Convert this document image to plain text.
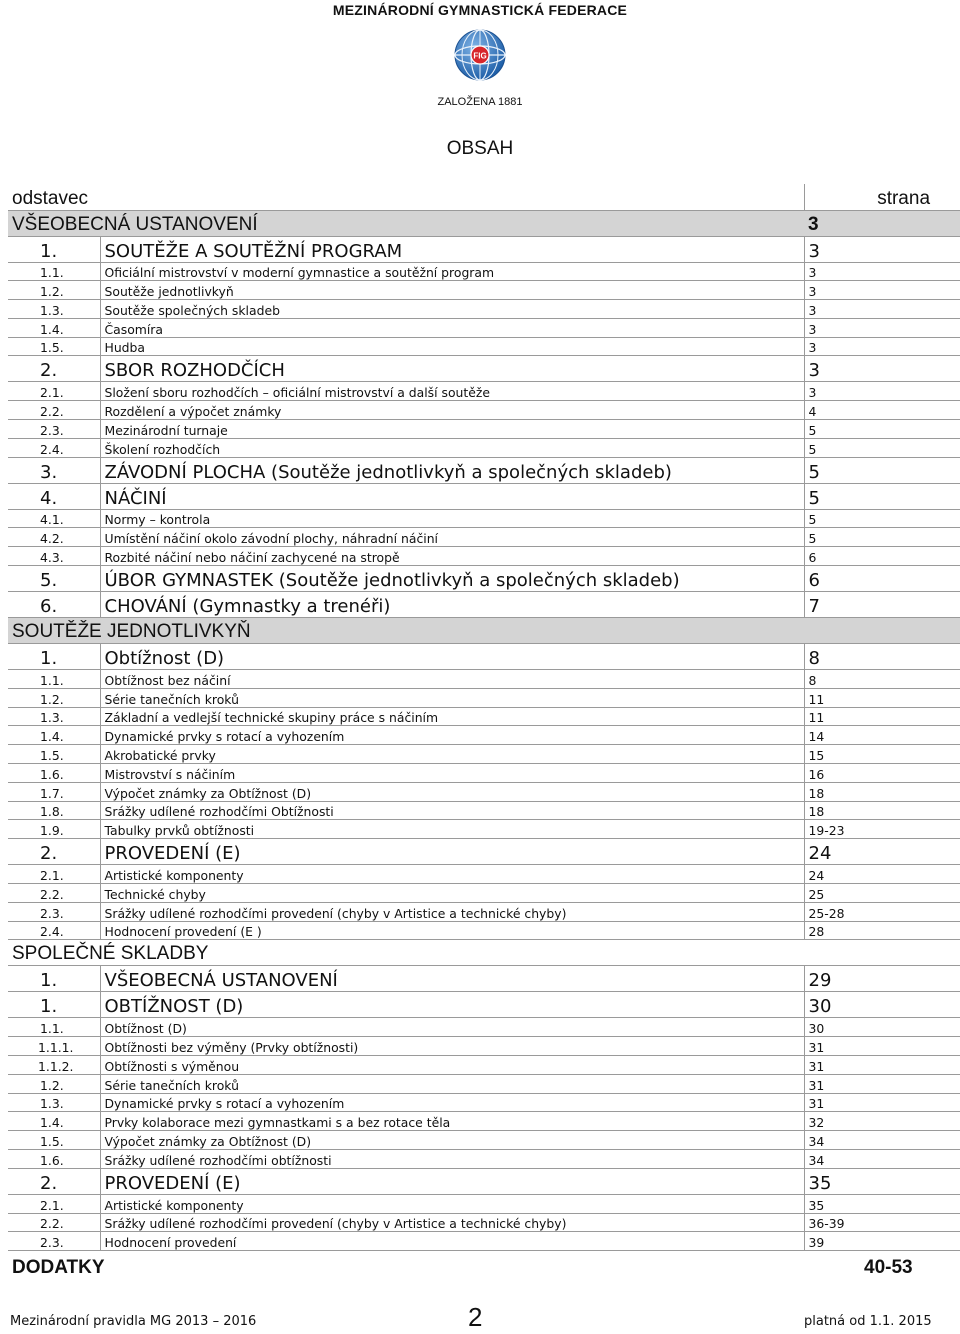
MEZINÁRODNÍ GYMNASTICKÁ FEDERACE
FIG
ZALOŽENA 1881
OBSAH
odstavec		strana
VŠEOBECNÁ USTANOVENÍ		3
1.	SOUTĚŽE A SOUTĚŽNÍ PROGRAM	3
1.1.	Oficiální mistrovství v moderní gymnastice a soutěžní program	3
1.2.	Soutěže jednotlivkyň	3
1.3.	Soutěže společných skladeb	3
1.4.	Časomíra	3
1.5.	Hudba	3
2.	SBOR ROZHODČÍCH	3
2.1.	Složení sboru rozhodčích – oficiální mistrovství a další soutěže	3
2.2.	Rozdělení a výpočet známky	4
2.3.	Mezinárodní turnaje	5
2.4.	Školení rozhodčích	5
3.	ZÁVODNÍ PLOCHA (Soutěže jednotlivkyň a společných skladeb)	5
4.	NÁČINÍ	5
4.1.	Normy – kontrola	5
4.2.	Umístění náčiní okolo závodní plochy, náhradní náčiní	5
4.3.	Rozbité náčiní nebo náčiní zachycené na stropě	6
5.	ÚBOR GYMNASTEK (Soutěže jednotlivkyň a společných skladeb)	6
6.	CHOVÁNÍ (Gymnastky a trenéři)	7
SOUTĚŽE JEDNOTLIVKYŇ		
1.	Obtížnost (D)	8
1.1.	Obtížnost bez náčiní	8
1.2.	Série tanečních kroků	11
1.3.	Základní a vedlejší technické skupiny práce s náčiním	11
1.4.	Dynamické prvky s rotací a vyhozením	14
1.5.	Akrobatické prvky	15
1.6.	Mistrovství s náčiním	16
1.7.	Výpočet známky za Obtížnost (D)	18
1.8.	Srážky udílené rozhodčími Obtížnosti	18
1.9.	Tabulky prvků obtížnosti	19-23
2.	PROVEDENÍ (E)	24
2.1.	Artistické komponenty	24
2.2.	Technické chyby	25
2.3.	Srážky udílené rozhodčími provedení (chyby v Artistice a technické chyby)	25-28
2.4.	Hodnocení provedení (E )	28
SPOLEČNÉ SKLADBY		
1.	VŠEOBECNÁ USTANOVENÍ	29
1.	OBTÍŽNOST (D)	30
1.1.	Obtížnost (D)	30
1.1.1.	Obtížnosti bez výměny (Prvky obtížnosti)	31
1.1.2.	Obtížnosti s výměnou	31
1.2.	Série tanečních kroků	31
1.3.	Dynamické prvky s rotací a vyhozením	31
1.4.	Prvky kolaborace mezi gymnastkami s a bez rotace těla	32
1.5.	Výpočet známky za Obtížnost (D)	34
1.6.	Srážky udílené rozhodčími obtížnosti	34
2.	PROVEDENÍ (E)	35
2.1.	Artistické komponenty	35
2.2.	Srážky udílené rozhodčími provedení (chyby v Artistice a technické chyby)	36-39
2.3.	Hodnocení provedení	39
DODATKY		40-53
Mezinárodní pravidla MG 2013 – 2016	2	platná od 1.1. 2015
